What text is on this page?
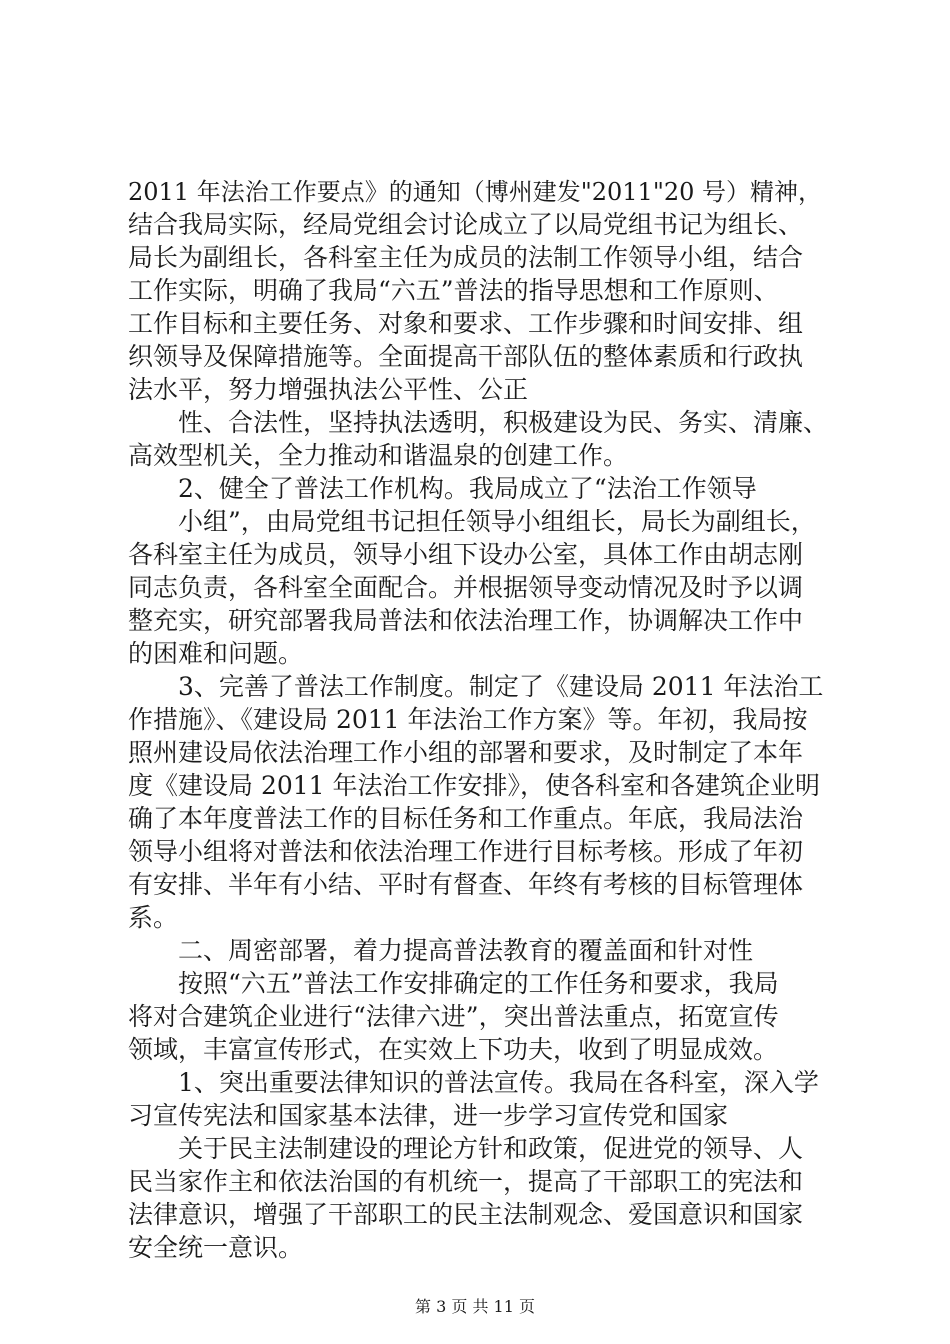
2011 年法治工作要点》的通知（博州建发"2011"20 号）精神，
结合我局实际，经局党组会讨论成立了以局党组书记为组长、
局长为副组长，各科室主任为成员的法制工作领导小组，结合
工作实际，明确了我局“六五”普法的指导思想和工作原则、
工作目标和主要任务、对象和要求、工作步骤和时间安排、组
织领导及保障措施等。全面提高干部队伍的整体素质和行政执
法水平，努力增强执法公平性、公正
性、合法性，坚持执法透明，积极建设为民、务实、清廉、
高效型机关，全力推动和谐温泉的创建工作。
2、健全了普法工作机构。我局成立了“法治工作领导
小组”，由局党组书记担任领导小组组长，局长为副组长，
各科室主任为成员，领导小组下设办公室，具体工作由胡志刚
同志负责，各科室全面配合。并根据领导变动情况及时予以调
整充实，研究部署我局普法和依法治理工作，协调解决工作中
的困难和问题。
3、完善了普法工作制度。制定了《建设局 2011 年法治工
作措施》、《建设局 2011 年法治工作方案》等。年初，我局按
照州建设局依法治理工作小组的部署和要求，及时制定了本年
度《建设局 2011 年法治工作安排》，使各科室和各建筑企业明
确了本年度普法工作的目标任务和工作重点。年底，我局法治
领导小组将对普法和依法治理工作进行目标考核。形成了年初
有安排、半年有小结、平时有督查、年终有考核的目标管理体
系。
二、周密部署，着力提高普法教育的覆盖面和针对性
按照“六五”普法工作安排确定的工作任务和要求，我局
将对合建筑企业进行“法律六进”，突出普法重点，拓宽宣传
领域，丰富宣传形式，在实效上下功夫，收到了明显成效。
1、突出重要法律知识的普法宣传。我局在各科室，深入学
习宣传宪法和国家基本法律，进一步学习宣传党和国家
关于民主法制建设的理论方针和政策，促进党的领导、人
民当家作主和依法治国的有机统一，提高了干部职工的宪法和
法律意识，增强了干部职工的民主法制观念、爱国意识和国家
安全统一意识。
第 3 页 共 11 页
